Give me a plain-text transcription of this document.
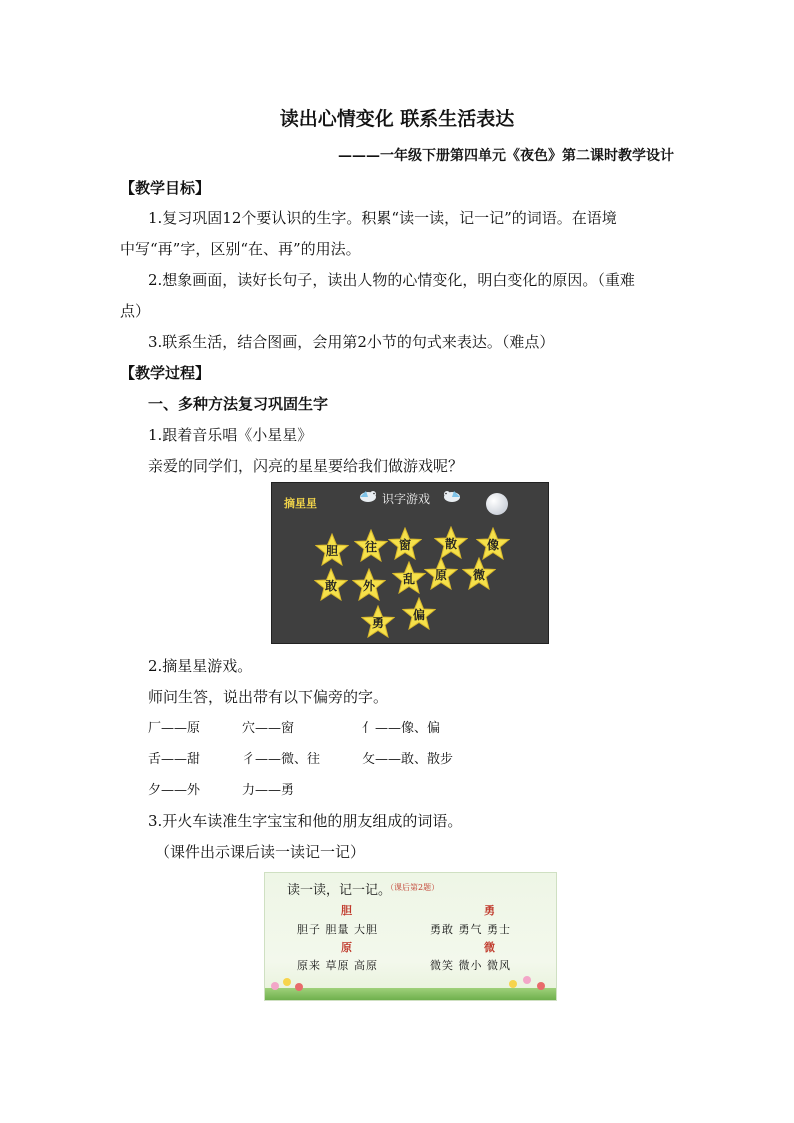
读出心情变化 联系生活表达
———一年级下册第四单元《夜色》第二课时教学设计
【教学目标】
1.复习巩固12个要认识的生字。积累“读一读，记一记”的词语。在语境
中写“再”字，区别“在、再”的用法。
2.想象画面，读好长句子，读出人物的心情变化，明白变化的原因。（重难
点）
3.联系生活，结合图画，会用第2小节的句式来表达。（难点）
【教学过程】
一、多种方法复习巩固生字
1.跟着音乐唱《小星星》
亲爱的同学们，闪亮的星星要给我们做游戏呢？
摘星星	识字游戏
胆	往	窗	散	像
敢	外	乱	原	微
勇
偏
2.摘星星游戏。
师问生答，说出带有以下偏旁的字。
厂——原	穴——窗	亻——像、偏
舌——甜	彳——微、往	攵——敢、散步
夕——外	力——勇
3.开火车读准生字宝宝和他的朋友组成的词语。
（课件出示课后读一读记一记）
读一读，记一记。
（课后第2题）
胆	勇
胆子 胆量 大胆	勇敢 勇气 勇士
原	微
原来 草原 高原	微笑 微小 微风
